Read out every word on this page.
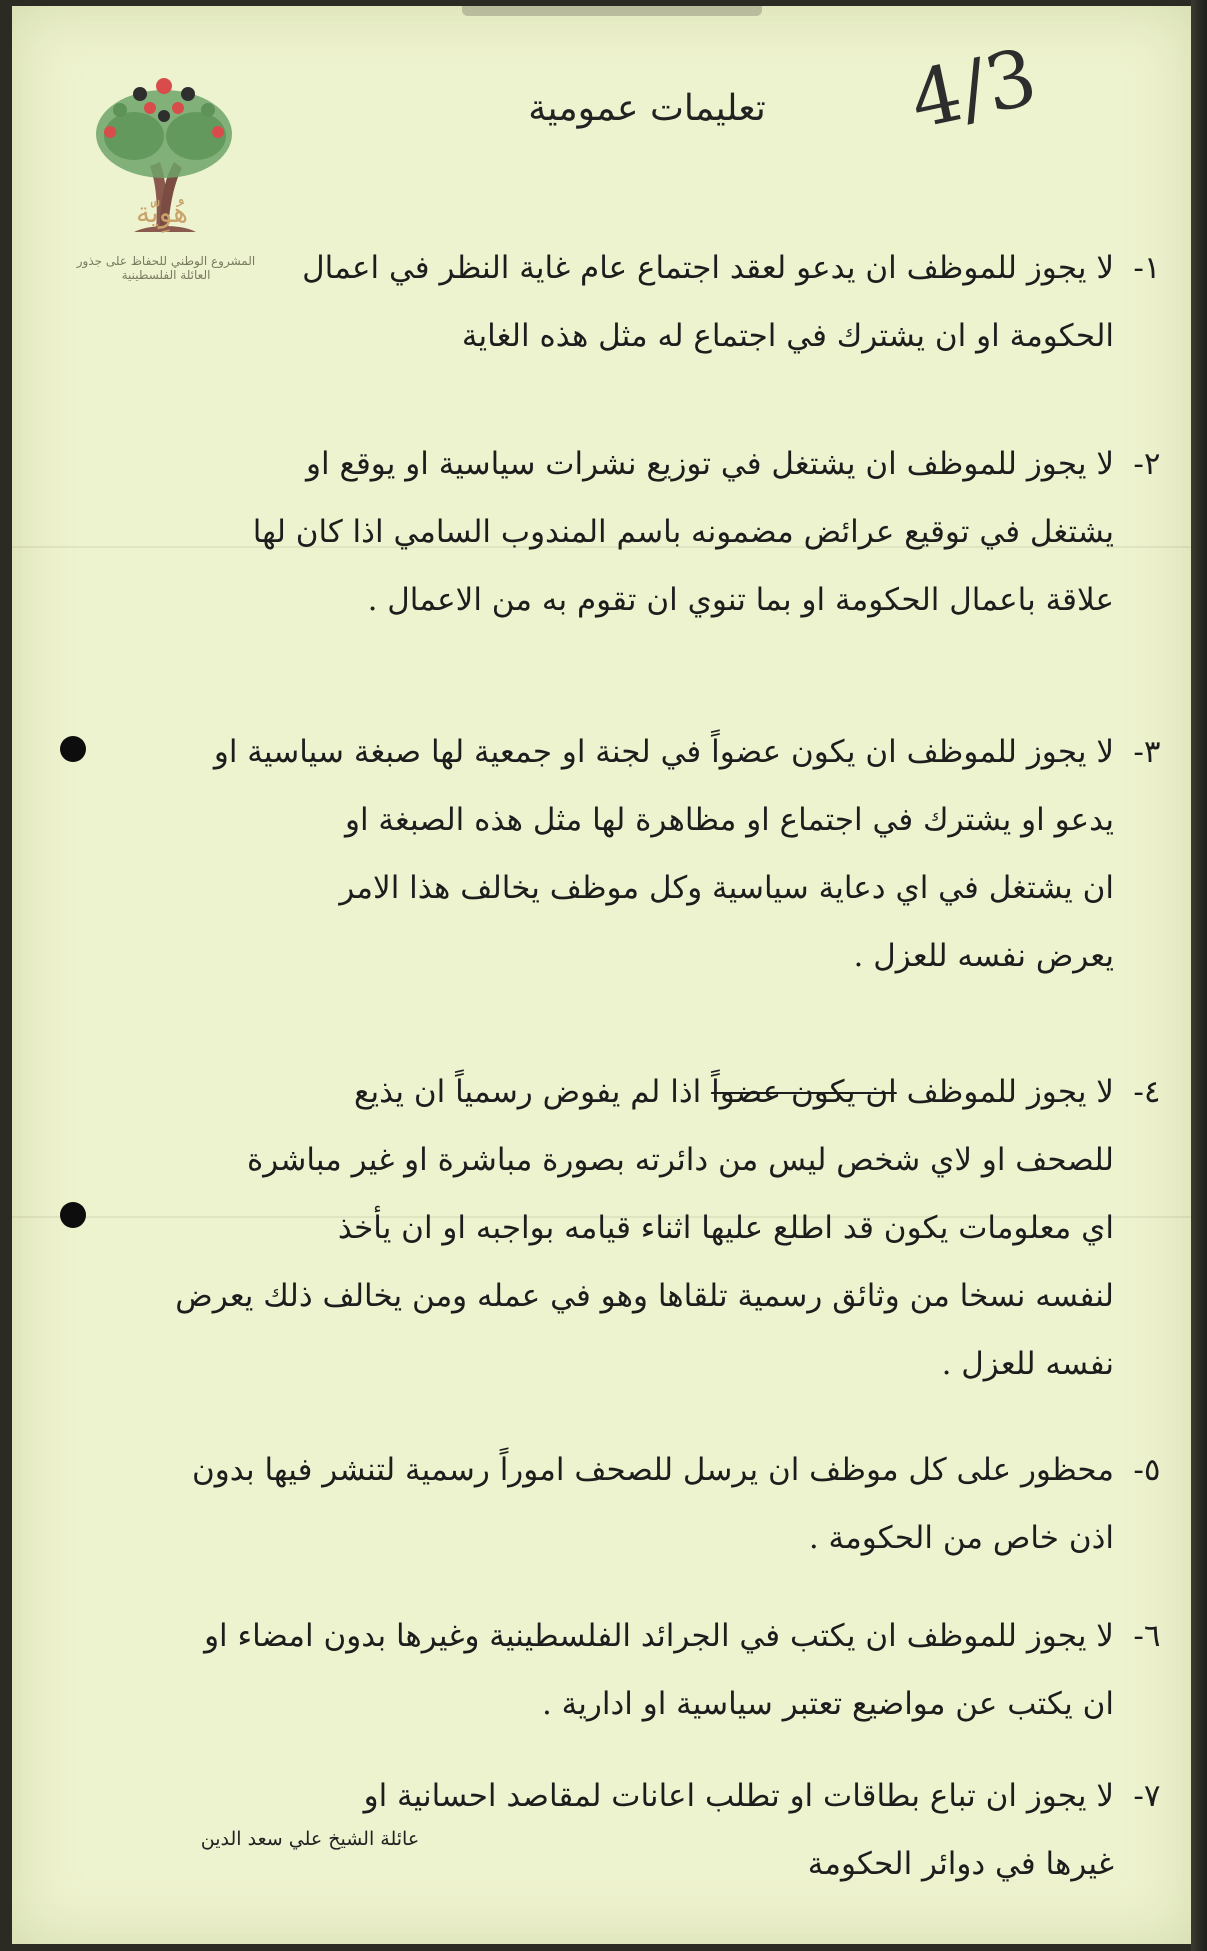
هُوِيّة
المشروع الوطني للحفاظ على جذور العائلة الفلسطينية
4/3
تعليمات عمومية
١-
لا يجوز للموظف ان يدعو لعقد اجتماع عام غاية النظر في اعمال
الحكومة او ان يشترك في اجتماع له مثل هذه الغاية
٢-
لا يجوز للموظف ان يشتغل في توزيع نشرات سياسية او يوقع او
يشتغل في توقيع عرائض مضمونه باسم المندوب السامي اذا كان لها
علاقة باعمال الحكومة او بما تنوي ان تقوم به من الاعمال .
٣-
لا يجوز للموظف ان يكون عضواً في لجنة او جمعية لها صبغة سياسية او
يدعو او يشترك في اجتماع او مظاهرة لها مثل هذه الصبغة او
ان يشتغل في اي دعاية سياسية وكل موظف يخالف هذا الامر
يعرض نفسه للعزل .
٤-
لا يجوز للموظف ان يكون عضواً اذا لم يفوض رسمياً ان يذيع
للصحف او لاي شخص ليس من دائرته بصورة مباشرة او غير مباشرة
اي معلومات يكون قد اطلع عليها اثناء قيامه بواجبه او ان يأخذ
لنفسه نسخا من وثائق رسمية تلقاها وهو في عمله ومن يخالف ذلك يعرض
نفسه للعزل .
٥-
محظور على كل موظف ان يرسل للصحف اموراً رسمية لتنشر فيها بدون
اذن خاص من الحكومة .
٦-
لا يجوز للموظف ان يكتب في الجرائد الفلسطينية وغيرها بدون امضاء او
ان يكتب عن مواضيع تعتبر سياسية او ادارية .
٧-
لا يجوز ان تباع بطاقات او تطلب اعانات لمقاصد احسانية او
غيرها في دوائر الحكومة
عائلة الشيخ علي سعد الدين
